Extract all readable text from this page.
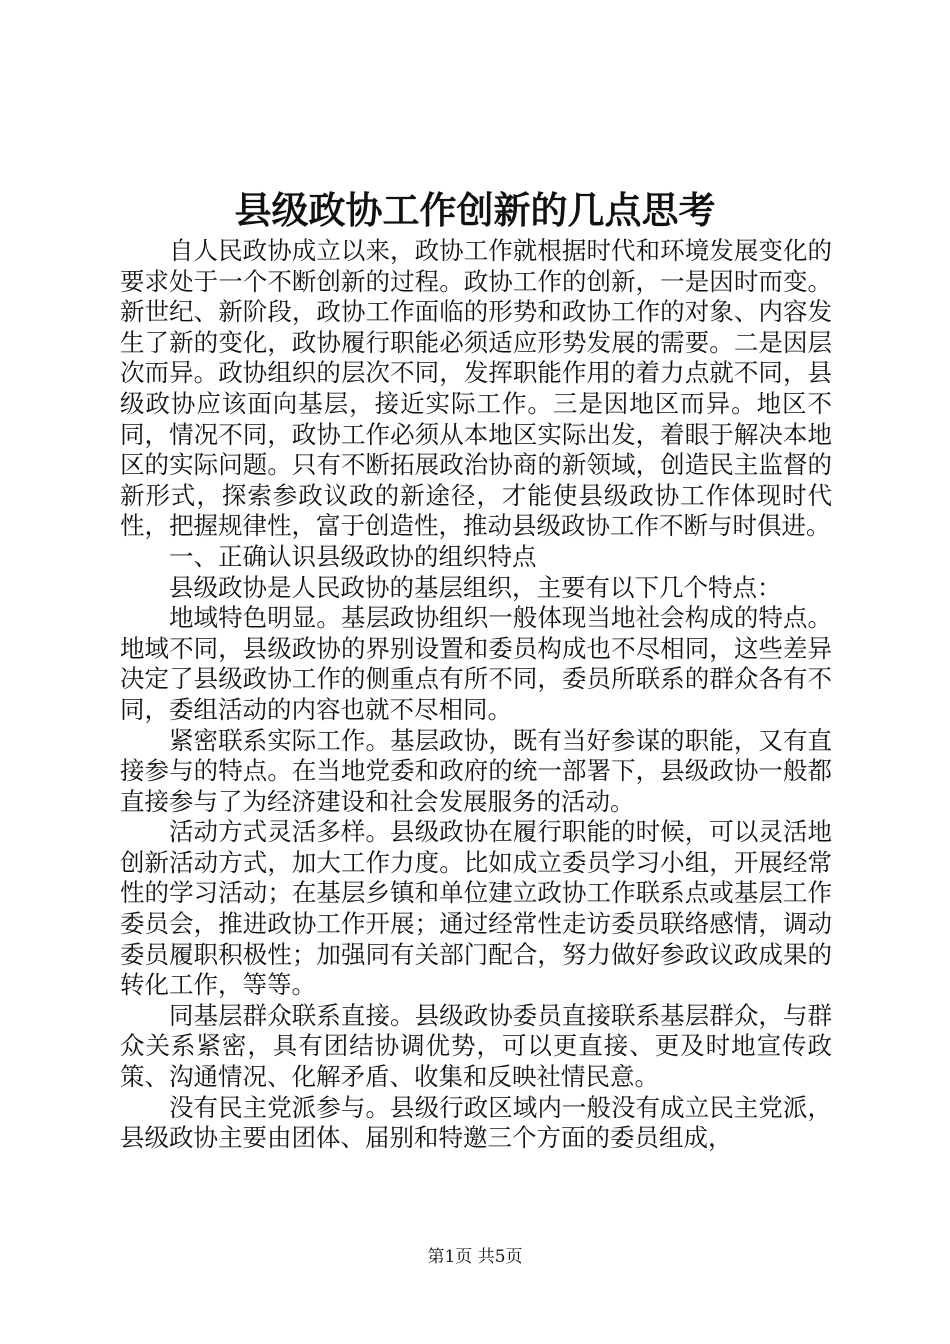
县级政协工作创新的几点思考

自人民政协成立以来，政协工作就根据时代和环境发展变化的要求处于一个不断创新的过程。政协工作的创新，一是因时而变。新世纪、新阶段，政协工作面临的形势和政协工作的对象、内容发生了新的变化，政协履行职能必须适应形势发展的需要。二是因层次而异。政协组织的层次不同，发挥职能作用的着力点就不同，县级政协应该面向基层，接近实际工作。三是因地区而异。地区不同，情况不同，政协工作必须从本地区实际出发，着眼于解决本地区的实际问题。只有不断拓展政治协商的新领域，创造民主监督的新形式，探索参政议政的新途径，才能使县级政协工作体现时代性，把握规律性，富于创造性，推动县级政协工作不断与时俱进。

一、正确认识县级政协的组织特点

县级政协是人民政协的基层组织，主要有以下几个特点：

地域特色明显。基层政协组织一般体现当地社会构成的特点。地域不同，县级政协的界别设置和委员构成也不尽相同，这些差异决定了县级政协工作的侧重点有所不同，委员所联系的群众各有不同，委组活动的内容也就不尽相同。

紧密联系实际工作。基层政协，既有当好参谋的职能，又有直接参与的特点。在当地党委和政府的统一部署下，县级政协一般都直接参与了为经济建设和社会发展服务的活动。

活动方式灵活多样。县级政协在履行职能的时候，可以灵活地创新活动方式，加大工作力度。比如成立委员学习小组，开展经常性的学习活动；在基层乡镇和单位建立政协工作联系点或基层工作委员会，推进政协工作开展；通过经常性走访委员联络感情，调动委员履职积极性；加强同有关部门配合，努力做好参政议政成果的转化工作，等等。

同基层群众联系直接。县级政协委员直接联系基层群众，与群众关系紧密，具有团结协调优势，可以更直接、更及时地宣传政策、沟通情况、化解矛盾、收集和反映社情民意。

没有民主党派参与。县级行政区域内一般没有成立民主党派，县级政协主要由团体、届别和特邀三个方面的委员组成，

第1页 共5页
